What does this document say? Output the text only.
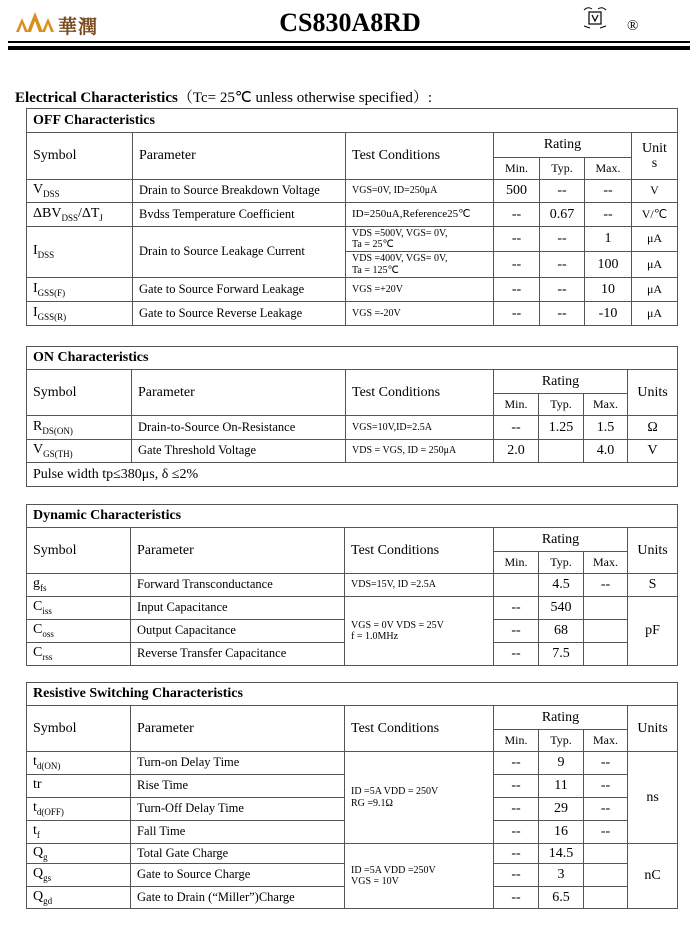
華潤	CS830A8RD	®
Electrical Characteristics（Tc= 25℃ unless otherwise specified）:
OFF Characteristics						
Symbol	Parameter	Test Conditions	Rating			Unit
s
			Min.	Typ.	Max.	
$V_{DSS}$	Drain to Source Breakdown Voltage	VGS=0V, ID=250μA	500	--	--	V
$\Delta BV_{DSS}/\Delta T_J$	Bvdss Temperature Coefficient	ID=250uA,Reference25℃	--	0.67	--	V/℃
$I_{DSS}$	Drain to Source Leakage Current	VDS =500V, VGS= 0V,
Ta = 25℃	--	--	1	μA

		VDS =400V, VGS= 0V,
Ta = 125℃	--	--	100	μA
$I_{GSS(F)}$	Gate to Source Forward Leakage	VGS =+20V	--	--	10	μA
$I_{GSS(R)}$	Gate to Source Reverse Leakage	VGS =-20V	--	--	-10	μA
ON Characteristics						
Symbol	Parameter	Test Conditions	Rating			Units
			Min.	Typ.	Max.	
$R_{DS(ON)}$	Drain-to-Source On-Resistance	VGS=10V,ID=2.5A	--	1.25	1.5	Ω
$V_{GS(TH)}$	Gate Threshold Voltage	VDS = VGS, ID = 250μA	2.0		4.0	V
Pulse width tp≤380μs, δ ≤2%						
Dynamic Characteristics						
Symbol	Parameter	Test Conditions	Rating			Units
			Min.	Typ.	Max.	
$g_{fs}$	Forward Transconductance	VDS=15V, ID =2.5A		4.5	--	S
$C_{iss}$	Input Capacitance	VGS = 0V VDS = 25V
f = 1.0MHz	--	540		pF
$C_{oss}$	Output Capacitance		--	68		
$C_{rss}$	Reverse Transfer Capacitance		--	7.5		
Resistive Switching Characteristics						
Symbol	Parameter	Test Conditions	Rating			Units
			Min.	Typ.	Max.	
$t_{d(ON)}$	Turn-on Delay Time	ID =5A VDD = 250V
RG =9.1Ω	--	9	--	ns
tr	Rise Time		--	11	--	
$t_{d(OFF)}$	Turn-Off Delay Time		--	29	--	
$t_f$	Fall Time		--	16	--	
$Q_g$	Total Gate Charge	ID =5A VDD =250V
VGS = 10V	--	14.5		nC
$Q_{gs}$	Gate to Source Charge		--	3		
$Q_{gd}$	Gate to Drain (“Miller”)Charge		--	6.5		
